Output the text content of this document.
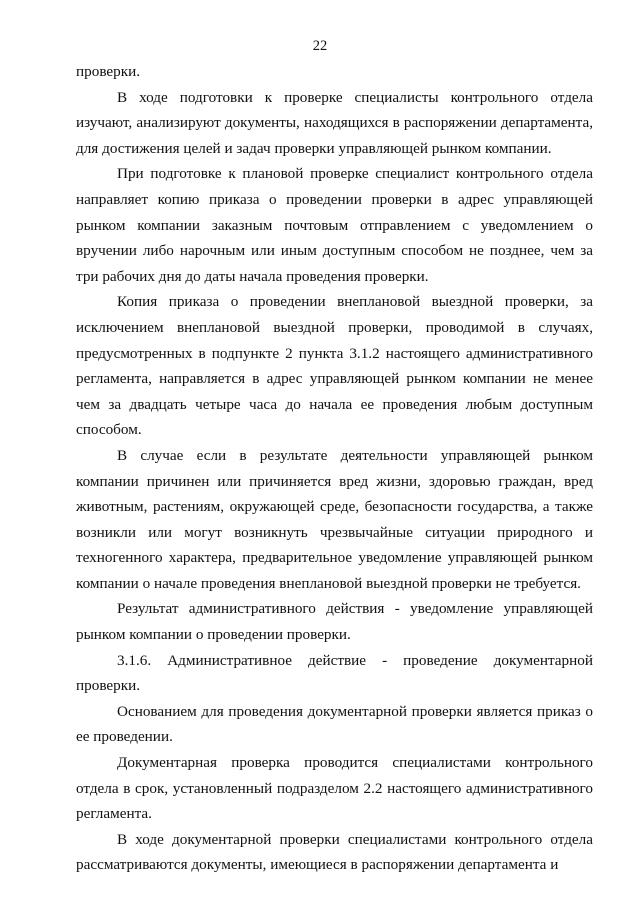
22

проверки.

В ходе подготовки к проверке специалисты контрольного отдела изучают, анализируют документы, находящихся в распоряжении департамента, для достижения целей и задач проверки управляющей рынком компании.

При подготовке к плановой проверке специалист контрольного отдела направляет копию приказа о проведении проверки в адрес управляющей рынком компании заказным почтовым отправлением с уведомлением о вручении либо нарочным или иным доступным способом не позднее, чем за три рабочих дня до даты начала проведения проверки.

Копия приказа о проведении внеплановой выездной проверки, за исключением внеплановой выездной проверки, проводимой в случаях, предусмотренных в подпункте 2 пункта 3.1.2 настоящего административного регламента, направляется в адрес управляющей рынком компании не менее чем за двадцать четыре часа до начала ее проведения любым доступным способом.

В случае если в результате деятельности управляющей рынком компании причинен или причиняется вред жизни, здоровью граждан, вред животным, растениям, окружающей среде, безопасности государства, а также возникли или могут возникнуть чрезвычайные ситуации природного и техногенного характера, предварительное уведомление управляющей рынком компании о начале проведения внеплановой выездной проверки не требуется.

Результат административного действия - уведомление управляющей рынком компании о проведении проверки.

3.1.6. Административное действие - проведение документарной проверки.

Основанием для проведения документарной проверки является приказ о ее проведении.

Документарная проверка проводится специалистами контрольного отдела в срок, установленный подразделом 2.2 настоящего административного регламента.

В ходе документарной проверки специалистами контрольного отдела рассматриваются документы, имеющиеся в распоряжении департамента и
